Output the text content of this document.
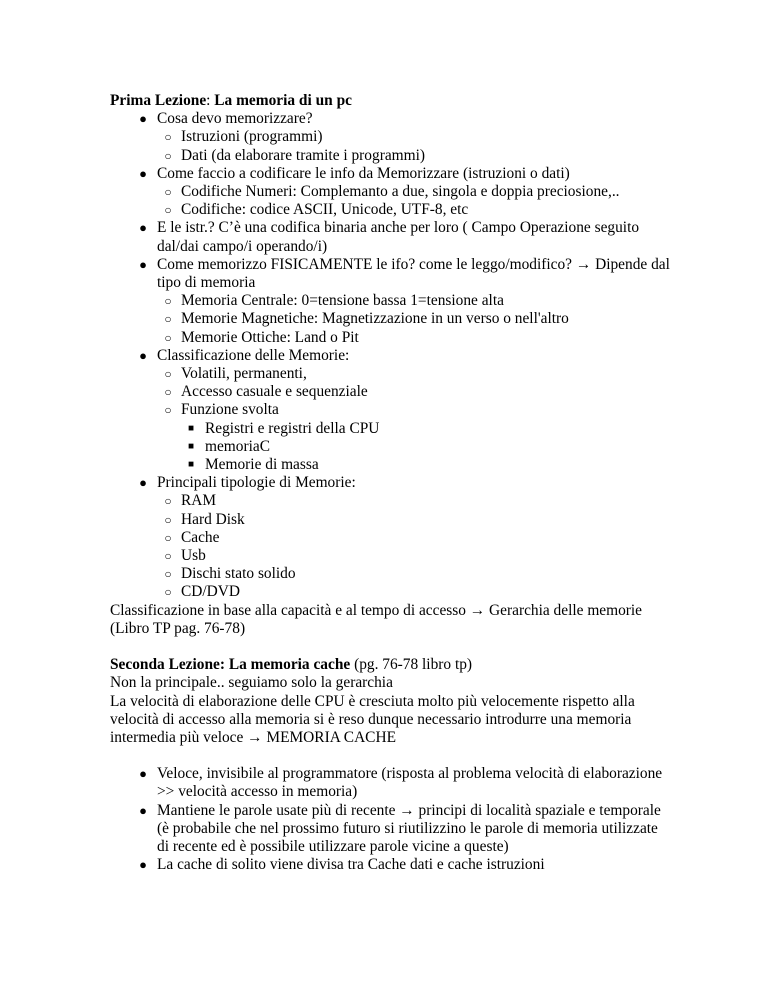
Prima Lezione: La memoria di un pc
● Cosa devo memorizzare?
○ Istruzioni (programmi)
○ Dati (da elaborare tramite i programmi)
● Come faccio a codificare le info da Memorizzare (istruzioni o dati)
○ Codifiche Numeri: Complemanto a due, singola e doppia preciosione,..
○ Codifiche: codice ASCII, Unicode, UTF-8, etc
● E le istr.? C’è una codifica binaria anche per loro ( Campo Operazione seguito dal/dai campo/i operando/i)
● Come memorizzo FISICAMENTE le ifo? come le leggo/modifico? → Dipende dal tipo di memoria
○ Memoria Centrale: 0=tensione bassa 1=tensione alta
○ Memorie Magnetiche: Magnetizzazione in un verso o nell'altro
○ Memorie Ottiche: Land o Pit
● Classificazione delle Memorie:
○ Volatili, permanenti,
○ Accesso casuale e sequenziale
○ Funzione svolta
■ Registri e registri della CPU
■ memoriaC
■ Memorie di massa
● Principali tipologie di Memorie:
○ RAM
○ Hard Disk
○ Cache
○ Usb
○ Dischi stato solido
○ CD/DVD
Classificazione in base alla capacità e al tempo di accesso → Gerarchia delle memorie (Libro TP pag. 76-78)
Seconda Lezione: La memoria cache (pg. 76-78 libro tp)
Non la principale.. seguiamo solo la gerarchia
La velocità di elaborazione delle CPU è cresciuta molto più velocemente rispetto alla velocità di accesso alla memoria si è reso dunque necessario introdurre una memoria intermedia più veloce → MEMORIA CACHE
● Veloce, invisibile al programmatore (risposta al problema velocità di elaborazione >> velocità accesso in memoria)
● Mantiene le parole usate più di recente → principi di località spaziale e temporale (è probabile che nel prossimo futuro si riutilizzino le parole di memoria utilizzate di recente ed è possibile utilizzare parole vicine a queste)
● La cache di solito viene divisa tra Cache dati e cache istruzioni
